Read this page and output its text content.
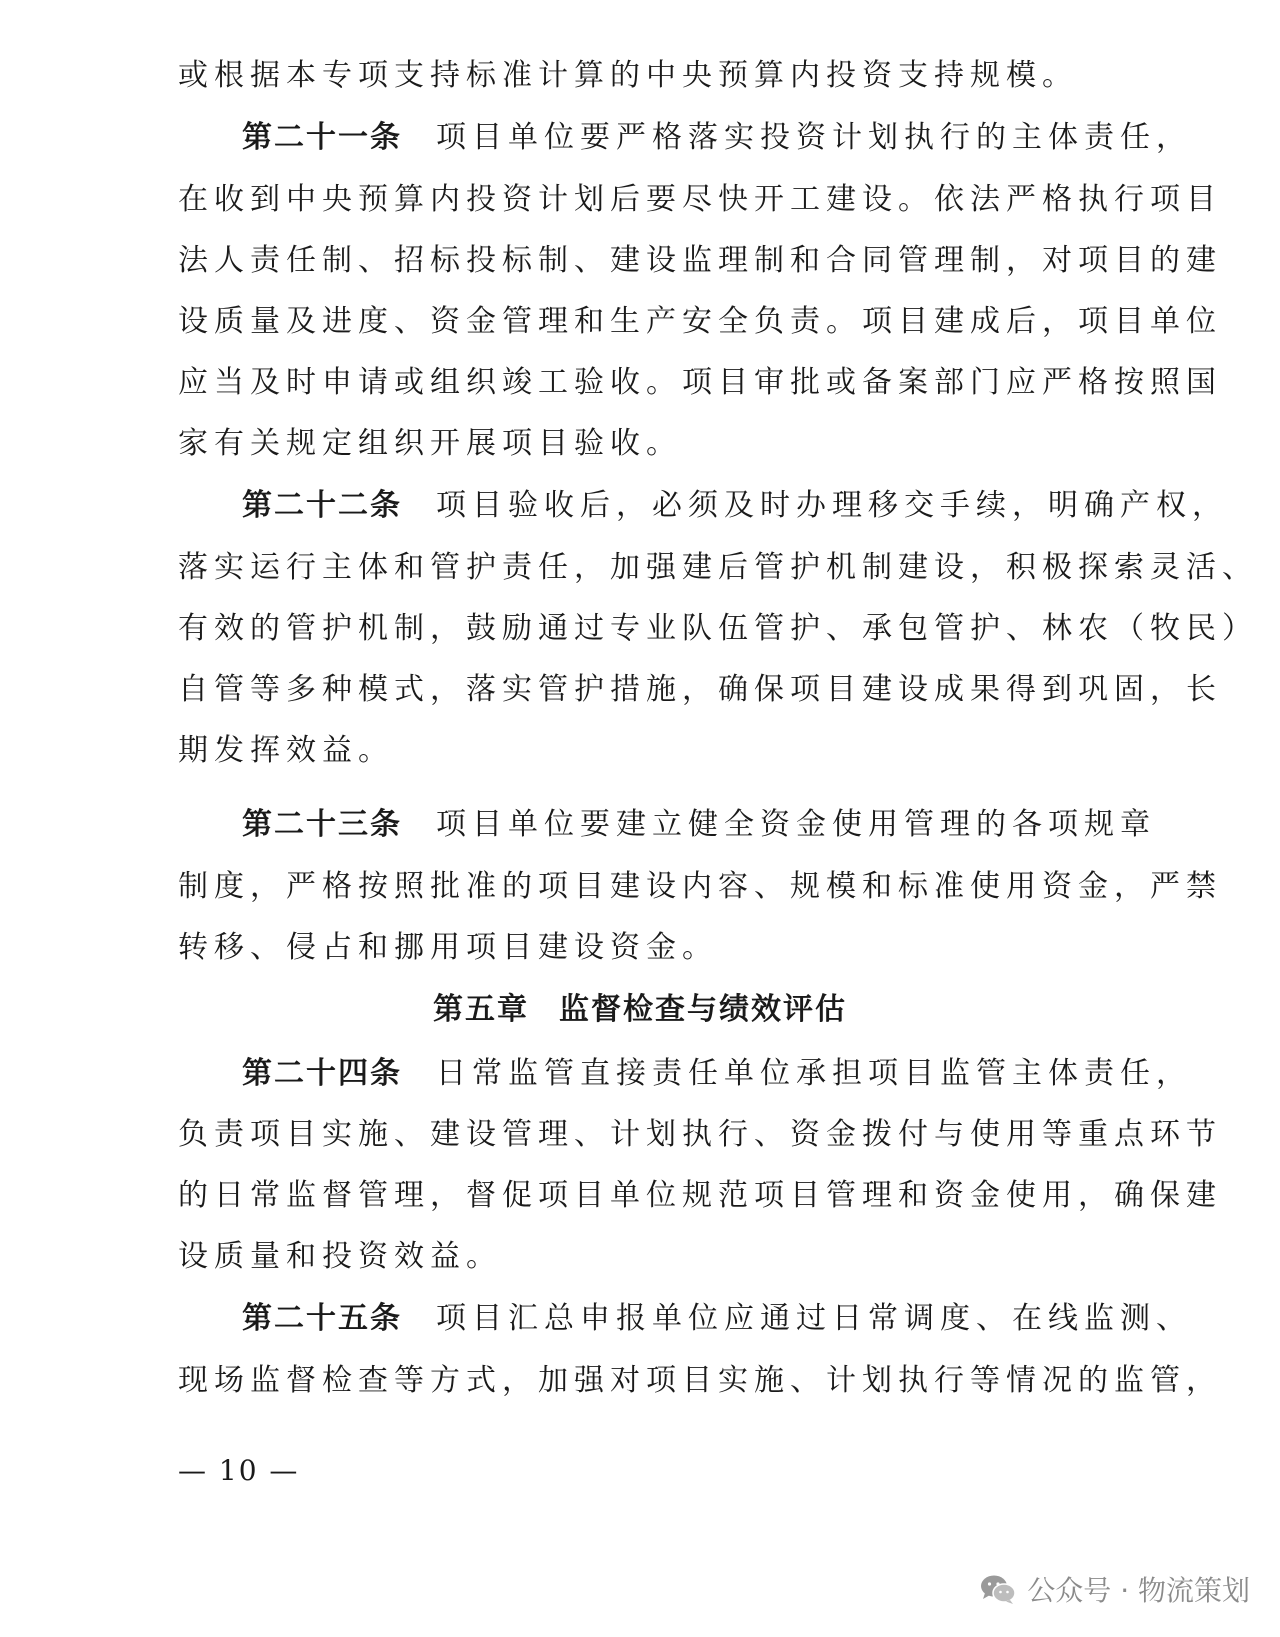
或根据本专项支持标准计算的中央预算内投资支持规模。
第二十一条 项目单位要严格落实投资计划执行的主体责任，
在收到中央预算内投资计划后要尽快开工建设。依法严格执行项目
法人责任制、招标投标制、建设监理制和合同管理制，对项目的建
设质量及进度、资金管理和生产安全负责。项目建成后，项目单位
应当及时申请或组织竣工验收。项目审批或备案部门应严格按照国
家有关规定组织开展项目验收。
第二十二条 项目验收后，必须及时办理移交手续，明确产权，
落实运行主体和管护责任，加强建后管护机制建设，积极探索灵活、
有效的管护机制，鼓励通过专业队伍管护、承包管护、林农（牧民）
自管等多种模式，落实管护措施，确保项目建设成果得到巩固，长
期发挥效益。
第二十三条 项目单位要建立健全资金使用管理的各项规章
制度，严格按照批准的项目建设内容、规模和标准使用资金，严禁
转移、侵占和挪用项目建设资金。
第五章 监督检查与绩效评估
第二十四条 日常监管直接责任单位承担项目监管主体责任，
负责项目实施、建设管理、计划执行、资金拨付与使用等重点环节
的日常监督管理，督促项目单位规范项目管理和资金使用，确保建
设质量和投资效益。
第二十五条 项目汇总申报单位应通过日常调度、在线监测、
现场监督检查等方式，加强对项目实施、计划执行等情况的监管，
— 10 —
公众号 · 物流策划
